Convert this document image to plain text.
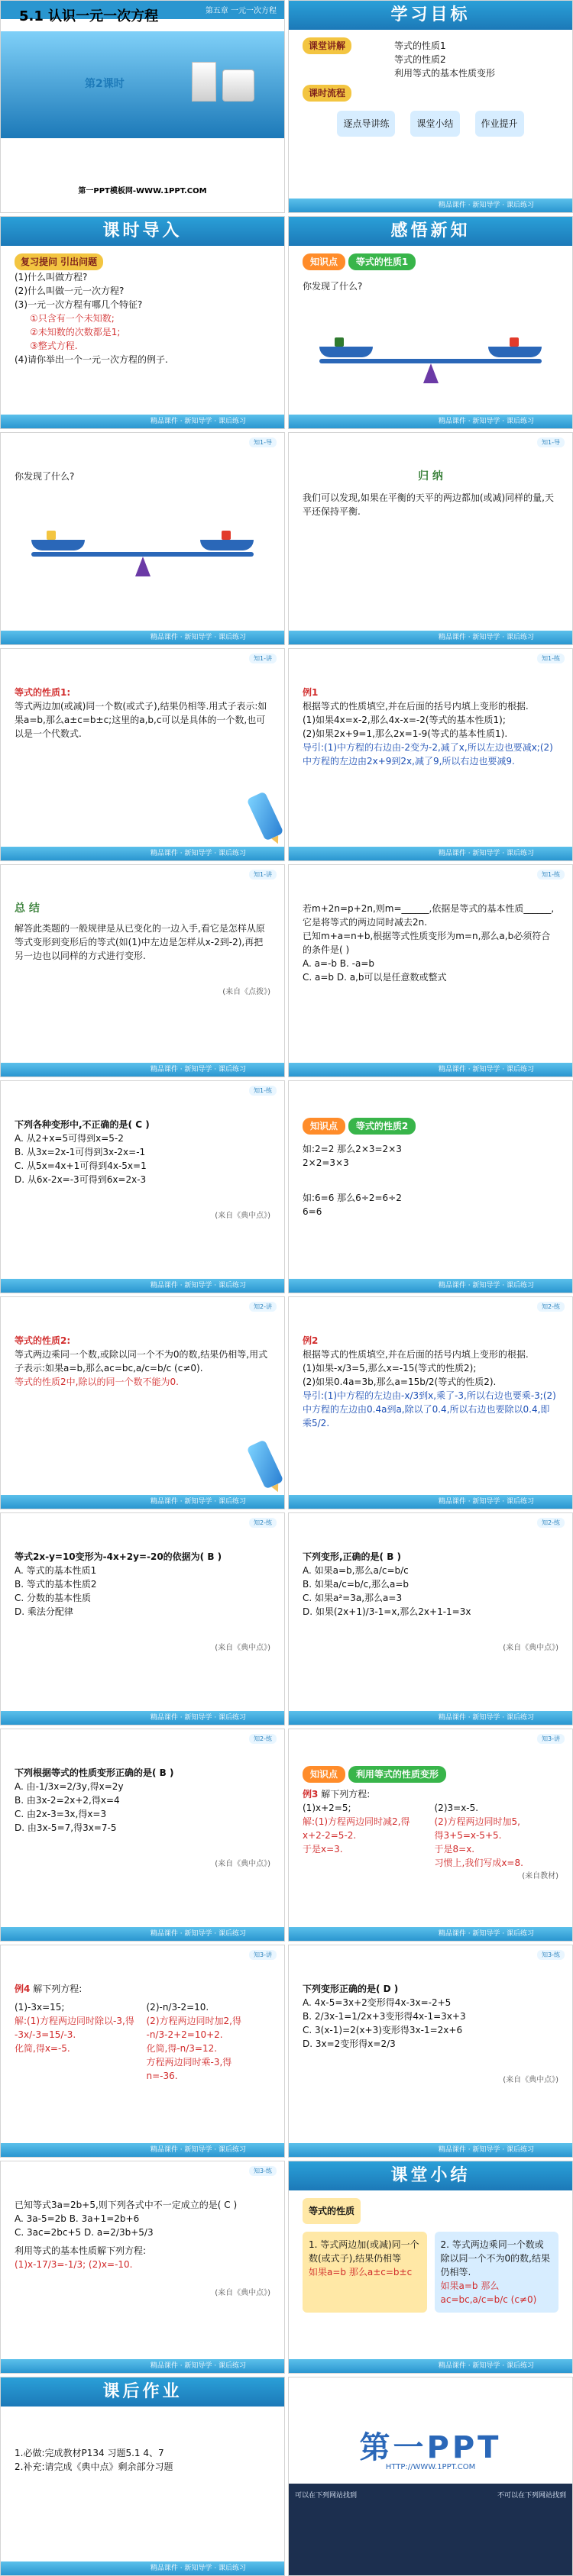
第五章 一元一次方程
5.1 认识一元一次方程
第2课时
第一PPT模板网-WWW.1PPT.COM
学习目标
课堂讲解	等式的性质1
等式的性质2
利用等式的基本性质变形
课时流程
逐点导讲练	课堂小结	作业提升
精品课件 · 新知导学 · 课后练习
课时导入
复习提问 引出问题
(1)什么叫做方程?
(2)什么叫做一元一次方程?
(3)一元一次方程有哪几个特征?
①只含有一个未知数;
②未知数的次数都是1;
③整式方程.
(4)请你举出一个一元一次方程的例子.
精品课件 · 新知导学 · 课后练习
感悟新知
知识点 等式的性质1
你发现了什么?
精品课件 · 新知导学 · 课后练习
知1-导
你发现了什么?
精品课件 · 新知导学 · 课后练习
知1-导
归 纳
我们可以发现,如果在平衡的天平的两边都加(或减)同样的量,天平还保持平衡.
精品课件 · 新知导学 · 课后练习
知1-讲
等式的性质1:
等式两边加(或减)同一个数(或式子),结果仍相等.用式子表示:如果a=b,那么a±c=b±c;这里的a,b,c可以是具体的一个数,也可以是一个代数式.
精品课件 · 新知导学 · 课后练习
知1-练
例1
根据等式的性质填空,并在后面的括号内填上变形的根据.
(1)如果4x=x-2,那么4x-x=-2(等式的基本性质1);
(2)如果2x+9=1,那么2x=1-9(等式的基本性质1).
导引:(1)中方程的右边由-2变为-2,减了x,所以左边也要减x;(2)中方程的左边由2x+9到2x,减了9,所以右边也要减9.
精品课件 · 新知导学 · 课后练习
知1-讲
总 结
解答此类题的一般规律是从已变化的一边入手,看它是怎样从原等式变形到变形后的等式(如(1)中左边是怎样从x-2到-2),再把另一边也以同样的方式进行变形.
(来自《点拨》)
精品课件 · 新知导学 · 课后练习
知1-练
若m+2n=p+2n,则m=______,依据是等式的基本性质______,它是将等式的两边同时减去2n.
已知m+a=n+b,根据等式性质变形为m=n,那么a,b必须符合的条件是( )
A. a=-b B. -a=b
C. a=b D. a,b可以是任意数或整式
精品课件 · 新知导学 · 课后练习
知1-练
下列各种变形中,不正确的是( C )
A. 从2+x=5可得到x=5-2
B. 从3x=2x-1可得到3x-2x=-1
C. 从5x=4x+1可得到4x-5x=1
D. 从6x-2x=-3可得到6x=2x-3
(来自《典中点》)
精品课件 · 新知导学 · 课后练习
知识点 等式的性质2
如:2=2 那么2×3=2×3
2×2=3×3
如:6=6 那么6÷2=6÷2
6=6
精品课件 · 新知导学 · 课后练习
知2-讲
等式的性质2:
等式两边乘同一个数,或除以同一个不为0的数,结果仍相等,用式子表示:如果a=b,那么ac=bc,a/c=b/c (c≠0).
等式的性质2中,除以的同一个数不能为0.
精品课件 · 新知导学 · 课后练习
知2-练
例2
根据等式的性质填空,并在后面的括号内填上变形的根据.
(1)如果-x/3=5,那么x=-15(等式的性质2);
(2)如果0.4a=3b,那么a=15b/2(等式的性质2).
导引:(1)中方程的左边由-x/3到x,乘了-3,所以右边也要乘-3;(2)中方程的左边由0.4a到a,除以了0.4,所以右边也要除以0.4,即乘5/2.
精品课件 · 新知导学 · 课后练习
知2-练
等式2x-y=10变形为-4x+2y=-20的依据为( B )
A. 等式的基本性质1
B. 等式的基本性质2
C. 分数的基本性质
D. 乘法分配律
(来自《典中点》)
精品课件 · 新知导学 · 课后练习
知2-练
下列变形,正确的是( B )
A. 如果a=b,那么a/c=b/c
B. 如果a/c=b/c,那么a=b
C. 如果a²=3a,那么a=3
D. 如果(2x+1)/3-1=x,那么2x+1-1=3x
(来自《典中点》)
精品课件 · 新知导学 · 课后练习
知2-练
下列根据等式的性质变形正确的是( B )
A. 由-1/3x=2/3y,得x=2y
B. 由3x-2=2x+2,得x=4
C. 由2x-3=3x,得x=3
D. 由3x-5=7,得3x=7-5
(来自《典中点》)
精品课件 · 新知导学 · 课后练习
知3-讲
知识点 利用等式的性质变形
例3 解下列方程:
(1)x+2=5;
解:(1)方程两边同时减2,得
x+2-2=5-2.
于是x=3.
(2)3=x-5.
(2)方程两边同时加5,
得3+5=x-5+5.
于是8=x.
习惯上,我们写成x=8.
(来自教材)
精品课件 · 新知导学 · 课后练习
知3-讲
例4 解下列方程:
(1)-3x=15;
解:(1)方程两边同时除以-3,得
-3x/-3=15/-3.
化简,得x=-5.
(2)-n/3-2=10.
(2)方程两边同时加2,得
-n/3-2+2=10+2.
化简,得-n/3=12.
方程两边同时乘-3,得
n=-36.
精品课件 · 新知导学 · 课后练习
知3-练
下列变形正确的是( D )
A. 4x-5=3x+2变形得4x-3x=-2+5
B. 2/3x-1=1/2x+3变形得4x-1=3x+3
C. 3(x-1)=2(x+3)变形得3x-1=2x+6
D. 3x=2变形得x=2/3
(来自《典中点》)
精品课件 · 新知导学 · 课后练习
知3-练
已知等式3a=2b+5,则下列各式中不一定成立的是( C )
A. 3a-5=2b B. 3a+1=2b+6
C. 3ac=2bc+5 D. a=2/3b+5/3
利用等式的基本性质解下列方程:
(1)x-17/3=-1/3; (2)x=-10.
(来自《典中点》)
精品课件 · 新知导学 · 课后练习
课堂小结
等式的性质
1. 等式两边加(或减)同一个数(或式子),结果仍相等
如果a=b 那么a±c=b±c
2. 等式两边乘同一个数或除以同一个不为0的数,结果仍相等.
如果a=b 那么ac=bc,a/c=b/c (c≠0)
精品课件 · 新知导学 · 课后练习
课后作业
1.必做:完成教材P134 习题5.1 4、7
2.补充:请完成《典中点》剩余部分习题
精品课件 · 新知导学 · 课后练习
第一PPT
HTTP://WWW.1PPT.COM
可以在下列网站找到	不可以在下列网站找到
